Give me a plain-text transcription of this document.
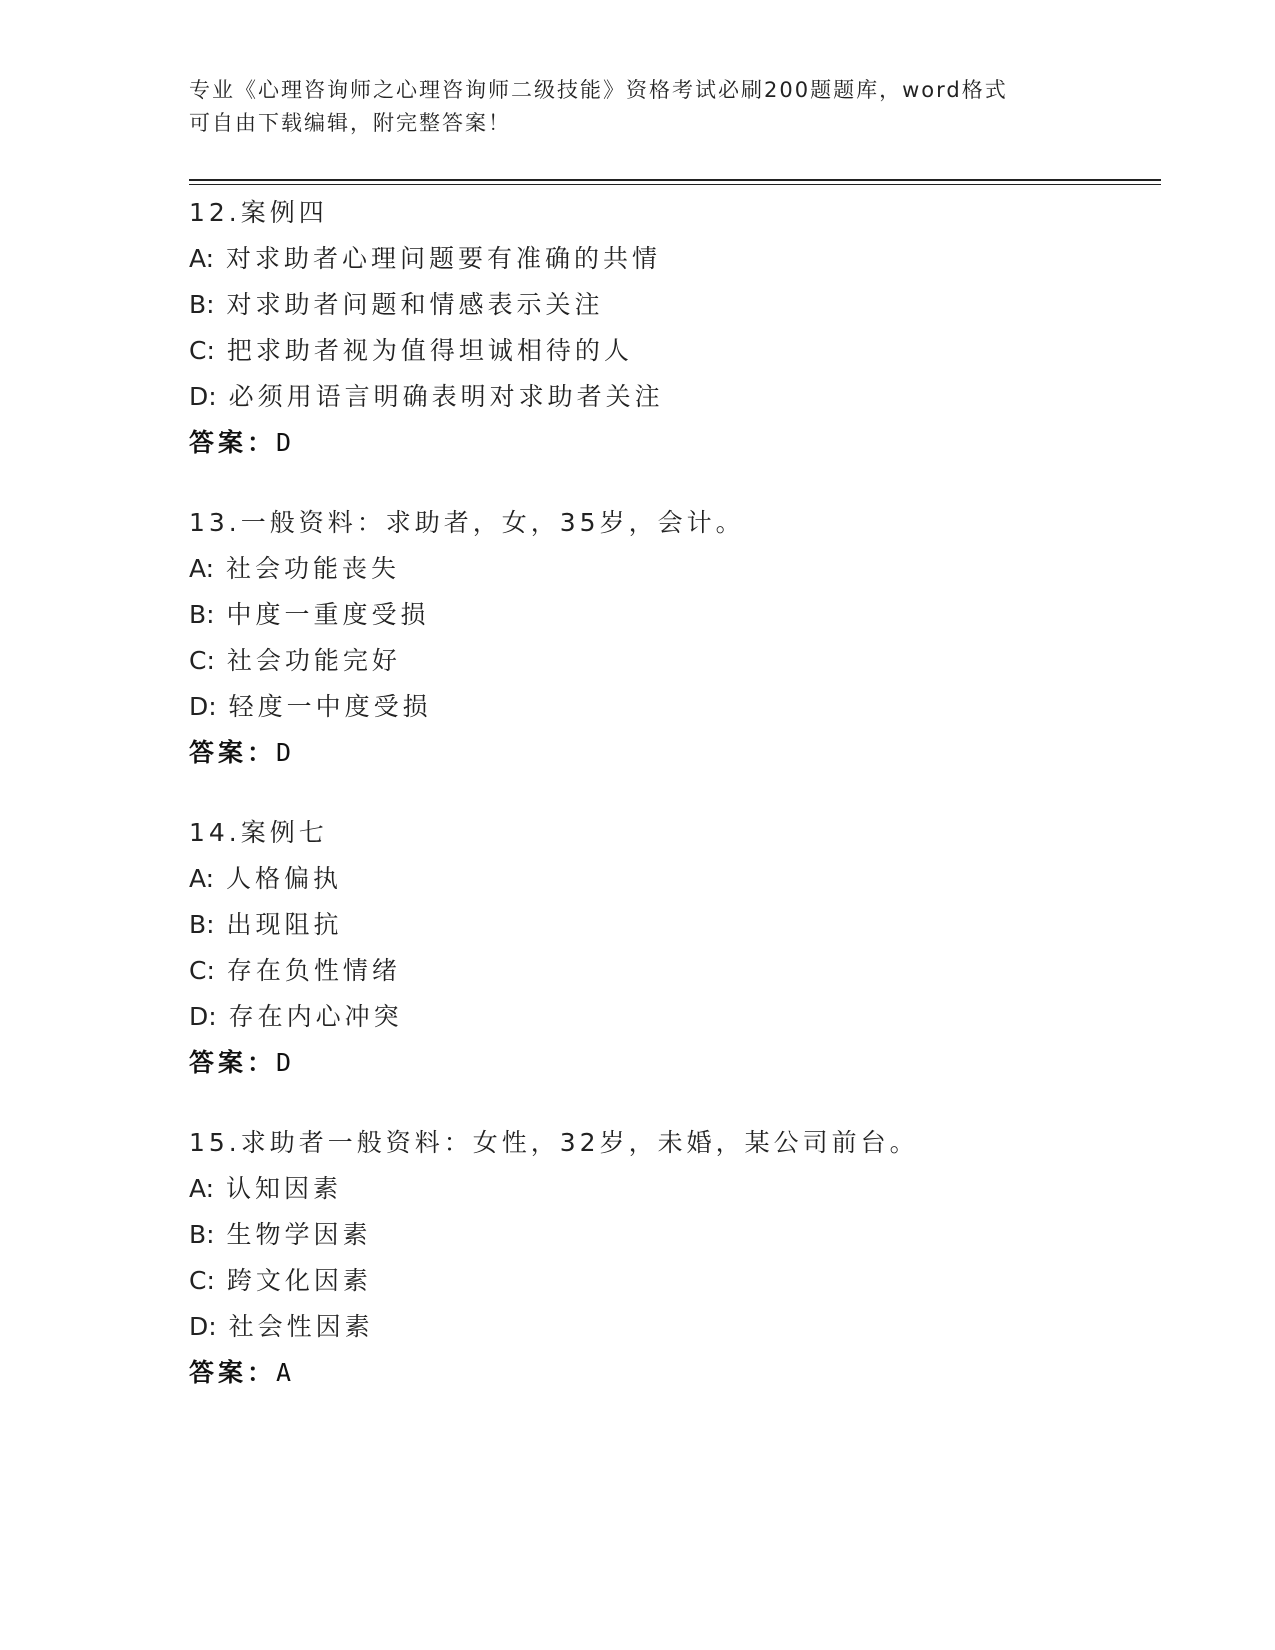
专业《心理咨询师之心理咨询师二级技能》资格考试必刷200题题库，word格式
可自由下载编辑，附完整答案！
12.案例四
A: 对求助者心理问题要有准确的共情
B: 对求助者问题和情感表示关注
C: 把求助者视为值得坦诚相待的人
D: 必须用语言明确表明对求助者关注
答案：D
13.一般资料：求助者，女，35岁，会计。
A: 社会功能丧失
B: 中度一重度受损
C: 社会功能完好
D: 轻度一中度受损
答案：D
14.案例七
A: 人格偏执
B: 出现阻抗
C: 存在负性情绪
D: 存在内心冲突
答案：D
15.求助者一般资料：女性，32岁，未婚，某公司前台。
A: 认知因素
B: 生物学因素
C: 跨文化因素
D: 社会性因素
答案：A
